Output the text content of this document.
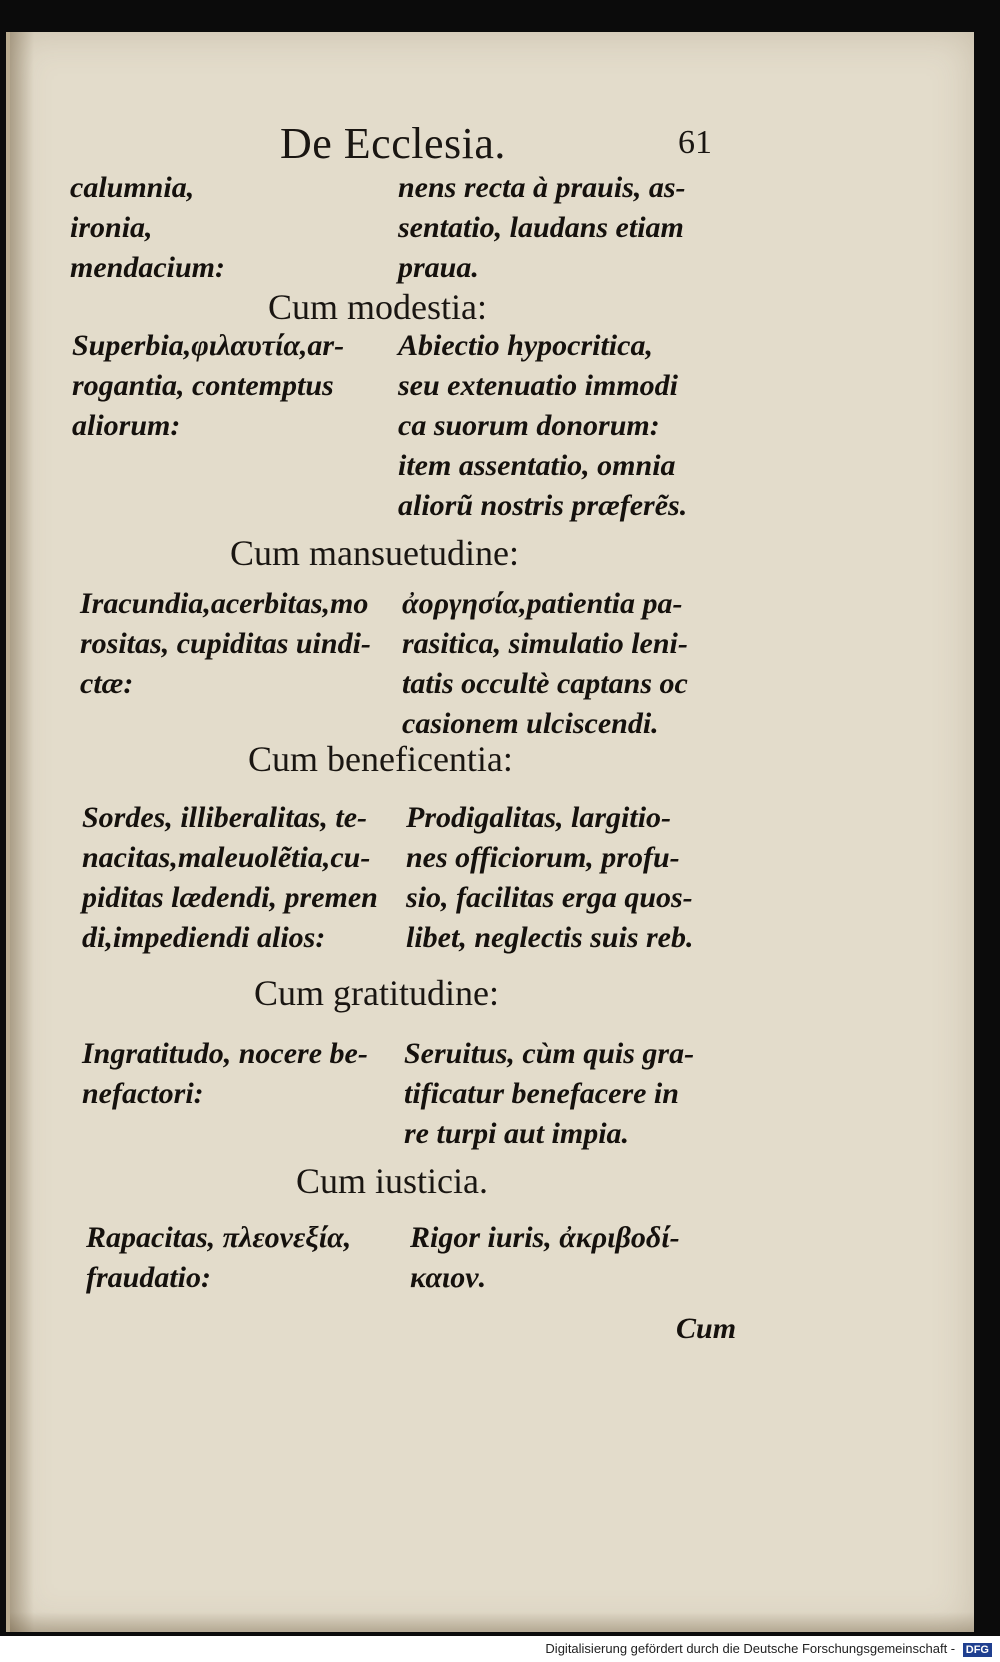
De Ecclesia.	61
calumnia,
ironia,
mendacium:
nens recta à prauis, as-
sentatio, laudans etiam
praua.
Cum modestia:
Superbia,φιλαυτία,ar-
rogantia, contemptus
aliorum:
Abiectio hypocritica,
seu extenuatio immodi
ca suorum donorum:
item assentatio, omnia
aliorũ nostris præferẽs.
Cum mansuetudine:
Iracundia,acerbitas,mo
rositas, cupiditas uindi-
ctæ:
ἀοργησία,patientia pa-
rasitica, simulatio leni-
tatis occultè captans oc
casionem ulciscendi.
Cum beneficentia:
Sordes, illiberalitas, te-
nacitas,maleuolẽtia,cu-
piditas lædendi, premen
di,impediendi alios:
Prodigalitas, largitio-
nes officiorum, profu-
sio, facilitas erga quos-
libet, neglectis suis reb.
Cum gratitudine:
Ingratitudo, nocere be-
nefactori:
Seruitus, cùm quis gra-
tificatur benefacere in
re turpi aut impia.
Cum iusticia.
Rapacitas, πλεονεξία,
fraudatio:
Rigor iuris, ἀκριβοδί-
καιον.
Cum
Digitalisierung gefördert durch die Deutsche Forschungsgemeinschaft - DFG
